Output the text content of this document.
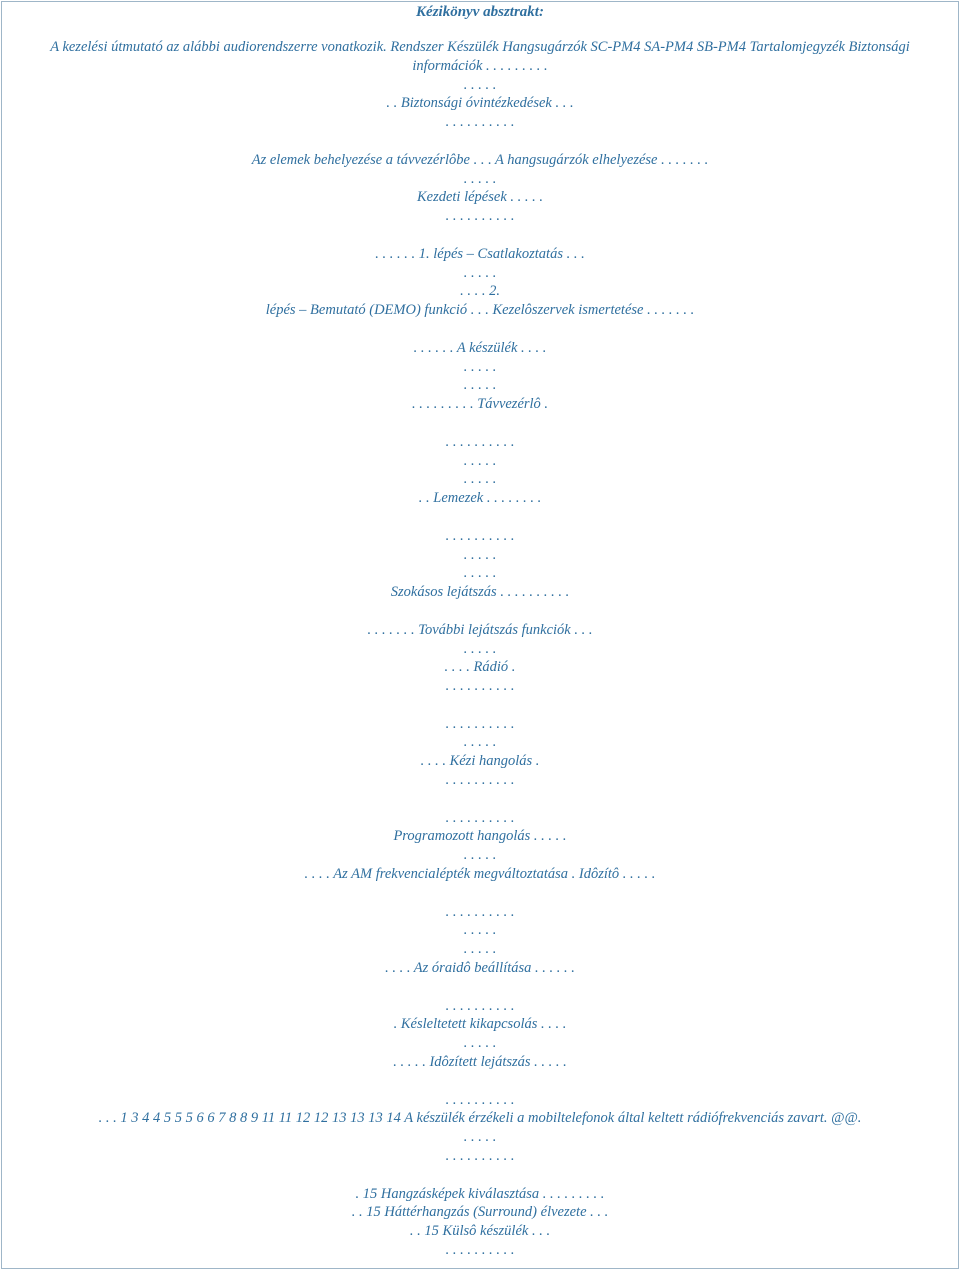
Kézikönyv absztrakt:
A kezelési útmutató az alábbi audiorendszerre vonatkozik. Rendszer Készülék Hangsugárzók SC-PM4 SA-PM4 SB-PM4 Tartalomjegyzék Biztonsági információk . . . . . . . . .
. . . . .
. . Biztonsági óvintézkedések . . .
. . . . . . . . . .
Az elemek behelyezése a távvezérlôbe . . . A hangsugárzók elhelyezése . . . . . . .
. . . . .
Kezdeti lépések . . . . .
. . . . . . . . . .
. . . . . . 1. lépés – Csatlakoztatás . . .
. . . . .
. . . . 2.
lépés – Bemutató (DEMO) funkció . . . Kezelôszervek ismertetése . . . . . . .
. . . . . . A készülék . . . .
. . . . .
. . . . .
. . . . . . . . . Távvezérlô .
. . . . . . . . . .
. . . . .
. . . . .
. . Lemezek . . . . . . . .
. . . . . . . . . .
. . . . .
. . . . .
Szokásos lejátszás . . . . . . . . . .
. . . . . . . További lejátszás funkciók . . .
. . . . .
. . . . Rádió .
. . . . . . . . . .
. . . . . . . . . .
. . . . .
. . . . Kézi hangolás .
. . . . . . . . . .
. . . . . . . . . .
Programozott hangolás . . . . .
. . . . .
. . . . Az AM frekvencialépték megváltoztatása . Idôzítô . . . . .
. . . . . . . . . .
. . . . .
. . . . .
. . . . Az óraidô beállítása . . . . . .
. . . . . . . . . .
. Késleltetett kikapcsolás . . . .
. . . . .
. . . . . Idôzített lejátszás . . . . .
. . . . . . . . . .
. . . 1 3 4 4 5 5 5 6 6 7 8 8 9 11 11 12 12 13 13 13 14 A készülék érzékeli a mobiltelefonok által keltett rádiófrekvenciás zavart. @@.
. . . . .
. . . . . . . . . .
. 15 Hangzásképek kiválasztása . . . . . . . . .
. . 15 Háttérhangzás (Surround) élvezete . . .
. . 15 Külsô készülék . . .
. . . . . . . . . .
